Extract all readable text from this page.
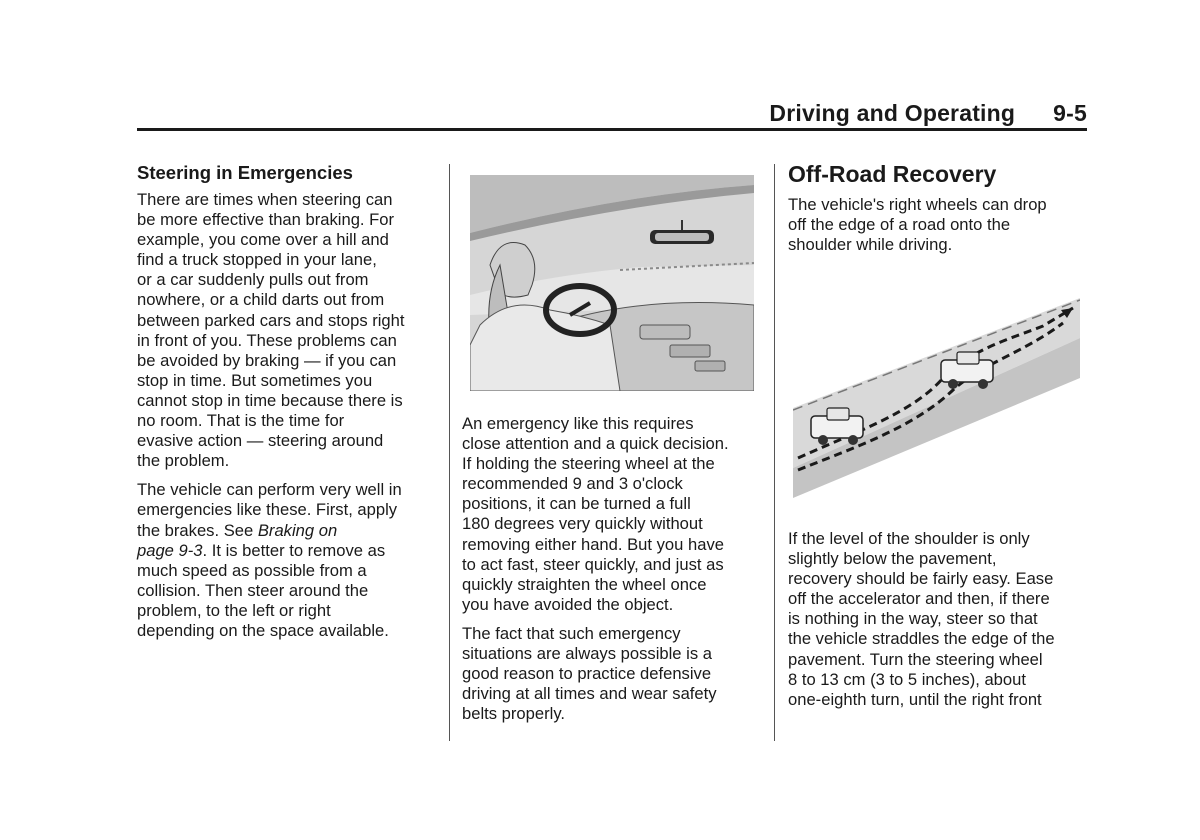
Driving and Operating 9-5
Steering in Emergencies

There are times when steering can
be more effective than braking. For
example, you come over a hill and
find a truck stopped in your lane,
or a car suddenly pulls out from
nowhere, or a child darts out from
between parked cars and stops right
in front of you. These problems can
be avoided by braking — if you can
stop in time. But sometimes you
cannot stop in time because there is
no room. That is the time for
evasive action — steering around
the problem.

The vehicle can perform very well in
emergencies like these. First, apply
the brakes. See Braking on
page 9-3. It is better to remove as
much speed as possible from a
collision. Then steer around the
problem, to the left or right
depending on the space available.

An emergency like this requires
close attention and a quick decision.
If holding the steering wheel at the
recommended 9 and 3 o'clock
positions, it can be turned a full
180 degrees very quickly without
removing either hand. But you have
to act fast, steer quickly, and just as
quickly straighten the wheel once
you have avoided the object.

The fact that such emergency
situations are always possible is a
good reason to practice defensive
driving at all times and wear safety
belts properly.

Off-Road Recovery

The vehicle's right wheels can drop
off the edge of a road onto the
shoulder while driving.

If the level of the shoulder is only
slightly below the pavement,
recovery should be fairly easy. Ease
off the accelerator and then, if there
is nothing in the way, steer so that
the vehicle straddles the edge of the
pavement. Turn the steering wheel
8 to 13 cm (3 to 5 inches), about
one-eighth turn, until the right front
